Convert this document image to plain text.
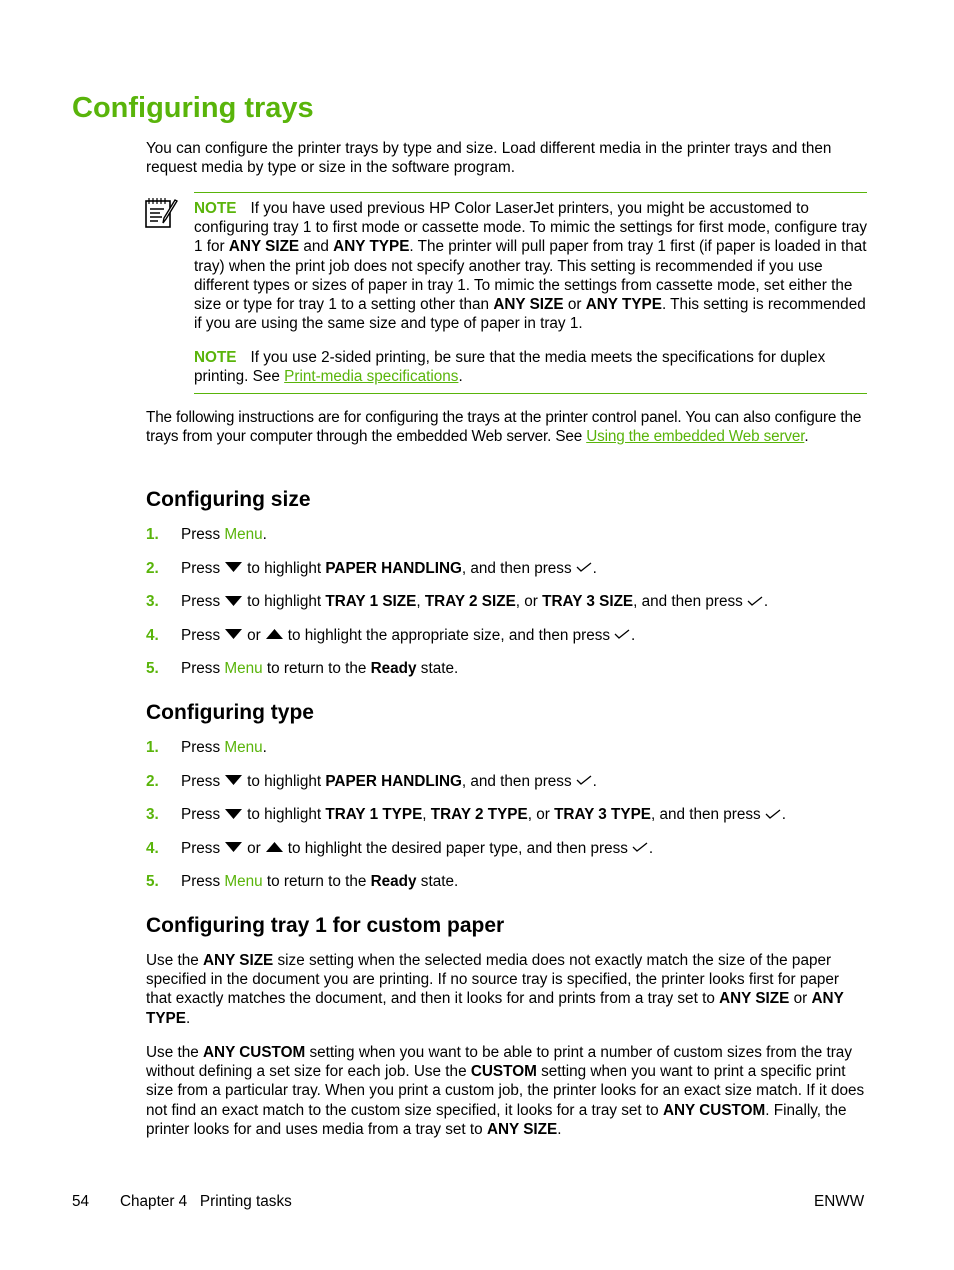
Configuring trays

You can configure the printer trays by type and size. Load different media in the printer trays and then request media by type or size in the software program.

NOTE If you have used previous HP Color LaserJet printers, you might be accustomed to configuring tray 1 to first mode or cassette mode. To mimic the settings for first mode, configure tray 1 for ANY SIZE and ANY TYPE. The printer will pull paper from tray 1 first (if paper is loaded in that tray) when the print job does not specify another tray. This setting is recommended if you use different types or sizes of paper in tray 1. To mimic the settings from cassette mode, set either the size or type for tray 1 to a setting other than ANY SIZE or ANY TYPE. This setting is recommended if you are using the same size and type of paper in tray 1.

NOTE If you use 2-sided printing, be sure that the media meets the specifications for duplex printing. See Print-media specifications.

The following instructions are for configuring the trays at the printer control panel. You can also configure the trays from your computer through the embedded Web server. See Using the embedded Web server.

Configuring size
1. Press Menu.
2. Press to highlight PAPER HANDLING, and then press .
3. Press to highlight TRAY 1 SIZE, TRAY 2 SIZE, or TRAY 3 SIZE, and then press .
4. Press or to highlight the appropriate size, and then press .
5. Press Menu to return to the Ready state.
Configuring type
1. Press Menu.
2. Press to highlight PAPER HANDLING, and then press .
3. Press to highlight TRAY 1 TYPE, TRAY 2 TYPE, or TRAY 3 TYPE, and then press .
4. Press or to highlight the desired paper type, and then press .
5. Press Menu to return to the Ready state.
Configuring tray 1 for custom paper

Use the ANY SIZE size setting when the selected media does not exactly match the size of the paper specified in the document you are printing. If no source tray is specified, the printer looks first for paper that exactly matches the document, and then it looks for and prints from a tray set to ANY SIZE or ANY TYPE.

Use the ANY CUSTOM setting when you want to be able to print a number of custom sizes from the tray without defining a set size for each job. Use the CUSTOM setting when you want to print a specific print size from a particular tray. When you print a custom job, the printer looks for an exact size match. If it does not find an exact match to the custom size specified, it looks for a tray set to ANY CUSTOM. Finally, the printer looks for and uses media from a tray set to ANY SIZE.

54 Chapter 4   Printing tasks	ENWW
